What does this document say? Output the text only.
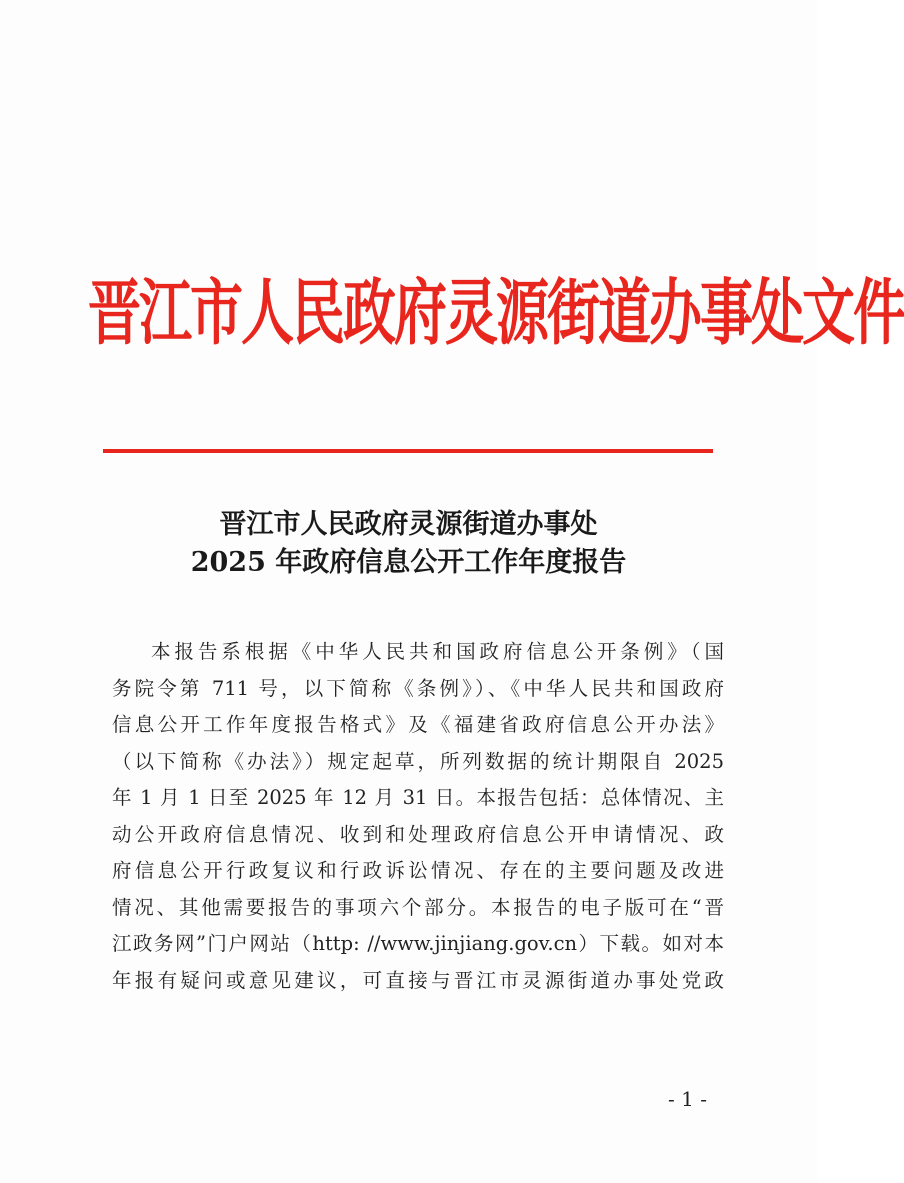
晋江市人民政府灵源街道办事处文件
晋江市人民政府灵源街道办事处
2025 年政府信息公开工作年度报告
本报告系根据《中华人民共和国政府信息公开条例》（国
务院令第 711 号，以下简称《条例》）、《中华人民共和国政府
信息公开工作年度报告格式》及《福建省政府信息公开办法》
（以下简称《办法》）规定起草，所列数据的统计期限自 2025
年 1 月 1 日至 2025 年 12 月 31 日。本报告包括：总体情况、主
动公开政府信息情况、收到和处理政府信息公开申请情况、政
府信息公开行政复议和行政诉讼情况、存在的主要问题及改进
情况、其他需要报告的事项六个部分。本报告的电子版可在“晋
江政务网”门户网站（http: //www.jinjiang.gov.cn）下载。如对本
年报有疑问或意见建议，可直接与晋江市灵源街道办事处党政
- 1 -
